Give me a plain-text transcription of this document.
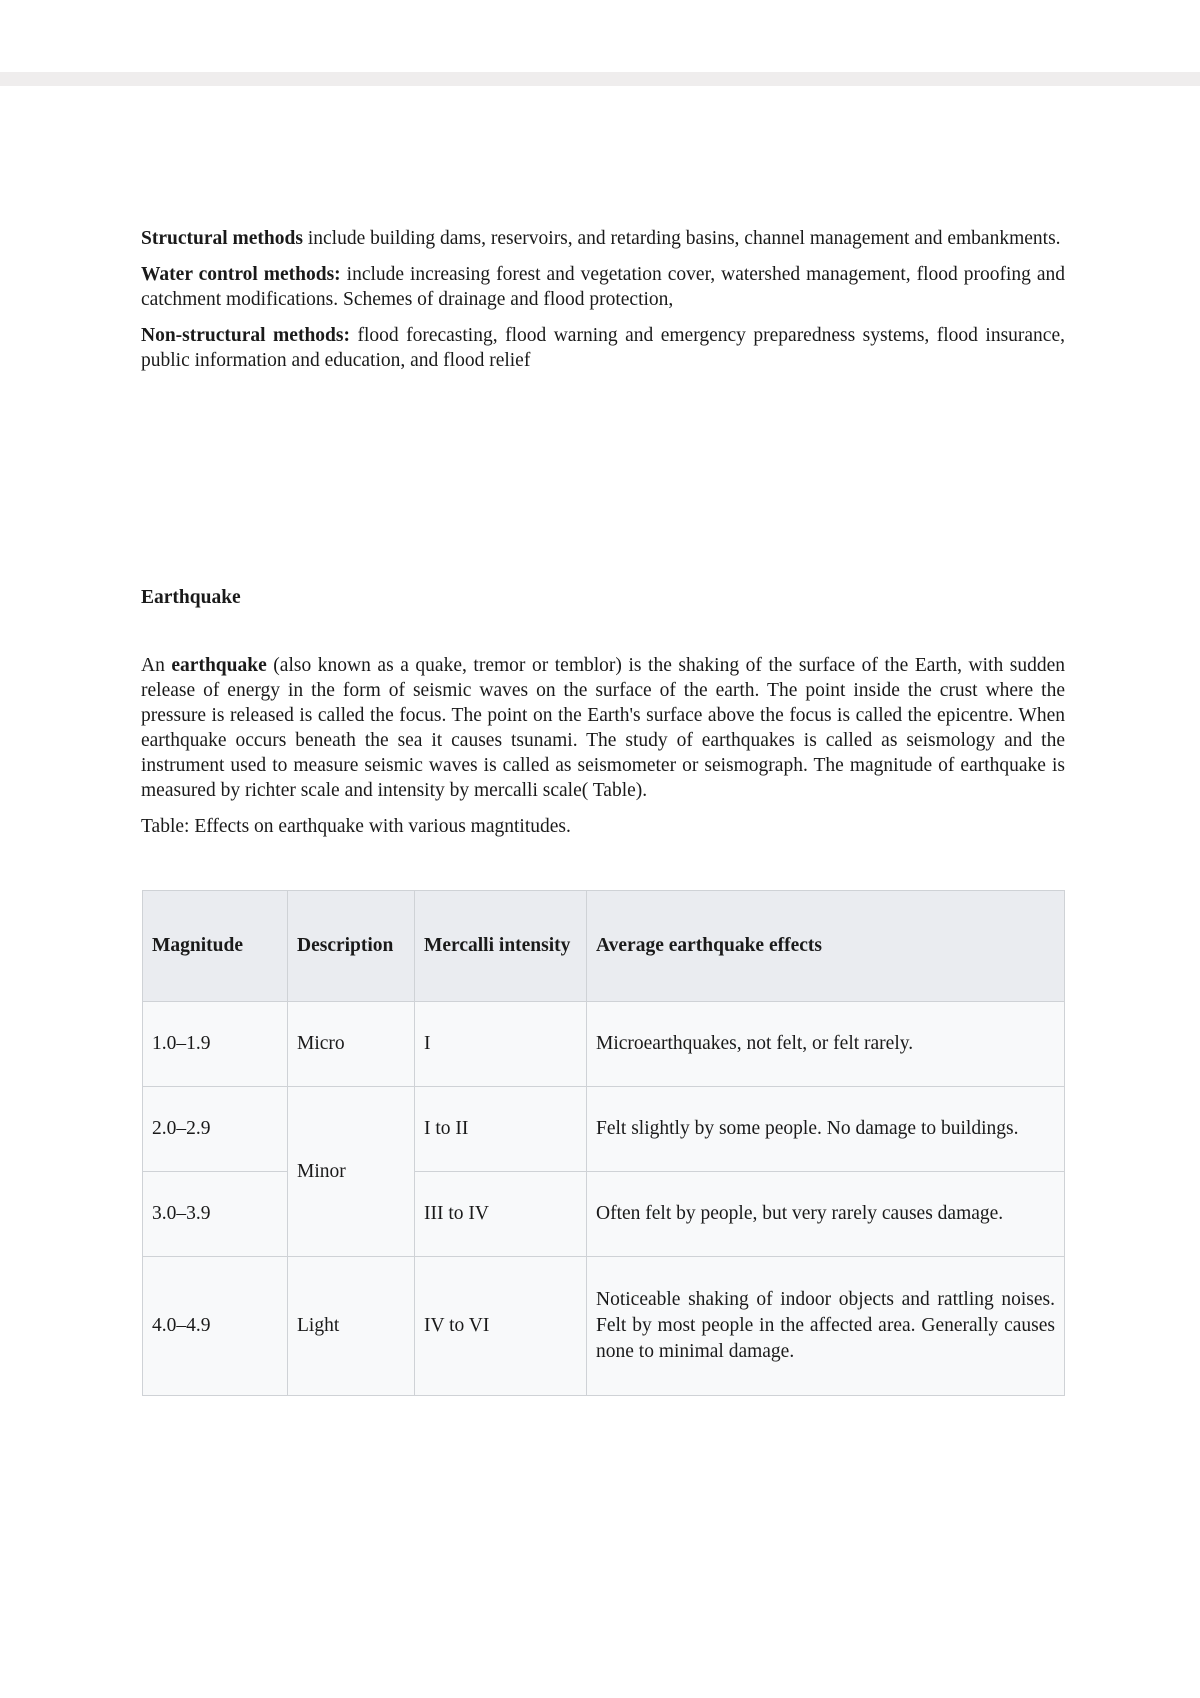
Structural methods include building dams, reservoirs, and retarding basins, channel management and embankments.

Water control methods: include increasing forest and vegetation cover, watershed management, flood proofing and catchment modifications. Schemes of drainage and flood protection,

Non-structural methods: flood forecasting, flood warning and emergency preparedness systems, flood insurance, public information and education, and flood relief

Earthquake

An earthquake (also known as a quake, tremor or temblor) is the shaking of the surface of the Earth, with sudden release of energy in the form of seismic waves on the surface of the earth. The point inside the crust where the pressure is released is called the focus. The point on the Earth's surface above the focus is called the epicentre. When earthquake occurs beneath the sea it causes tsunami. The study of earthquakes is called as seismology and the instrument used to measure seismic waves is called as seismometer or seismograph. The magnitude of earthquake is measured by richter scale and intensity by mercalli scale( Table).

Table: Effects on earthquake with various magntitudes.

Magnitude	Description	Mercalli intensity	Average earthquake effects
1.0–1.9	Micro	I	Microearthquakes, not felt, or felt rarely.
2.0–2.9	Minor	I to II	Felt slightly by some people. No damage to buildings.
3.0–3.9		III to IV	Often felt by people, but very rarely causes damage.
4.0–4.9	Light	IV to VI	Noticeable shaking of indoor objects and rattling noises. Felt by most people in the affected area. Generally causes none to minimal damage.
